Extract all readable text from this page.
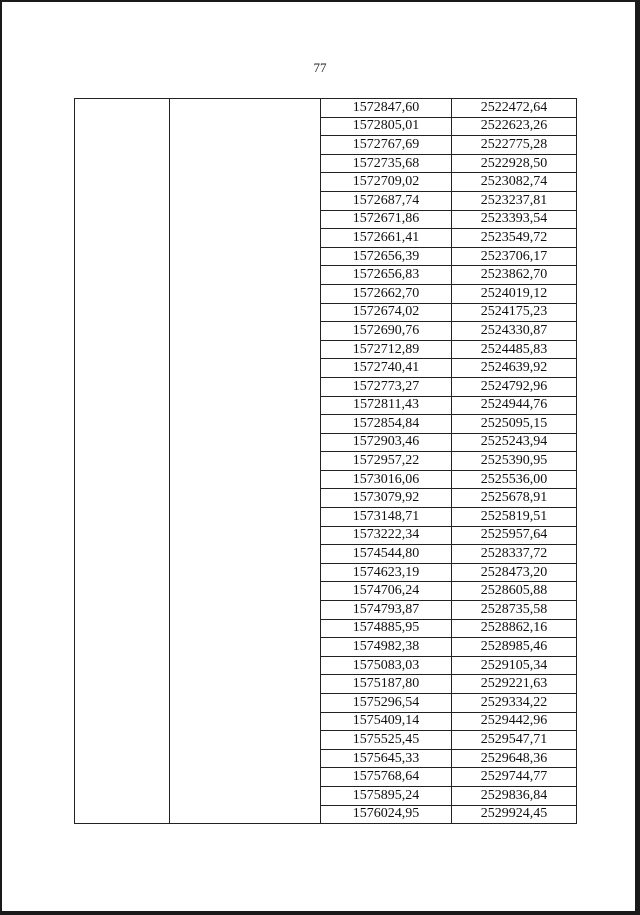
77
		1572847,60	2522472,64
		1572805,01	2522623,26
		1572767,69	2522775,28
		1572735,68	2522928,50
		1572709,02	2523082,74
		1572687,74	2523237,81
		1572671,86	2523393,54
		1572661,41	2523549,72
		1572656,39	2523706,17
		1572656,83	2523862,70
		1572662,70	2524019,12
		1572674,02	2524175,23
		1572690,76	2524330,87
		1572712,89	2524485,83
		1572740,41	2524639,92
		1572773,27	2524792,96
		1572811,43	2524944,76
		1572854,84	2525095,15
		1572903,46	2525243,94
		1572957,22	2525390,95
		1573016,06	2525536,00
		1573079,92	2525678,91
		1573148,71	2525819,51
		1573222,34	2525957,64
		1574544,80	2528337,72
		1574623,19	2528473,20
		1574706,24	2528605,88
		1574793,87	2528735,58
		1574885,95	2528862,16
		1574982,38	2528985,46
		1575083,03	2529105,34
		1575187,80	2529221,63
		1575296,54	2529334,22
		1575409,14	2529442,96
		1575525,45	2529547,71
		1575645,33	2529648,36
		1575768,64	2529744,77
		1575895,24	2529836,84
		1576024,95	2529924,45
